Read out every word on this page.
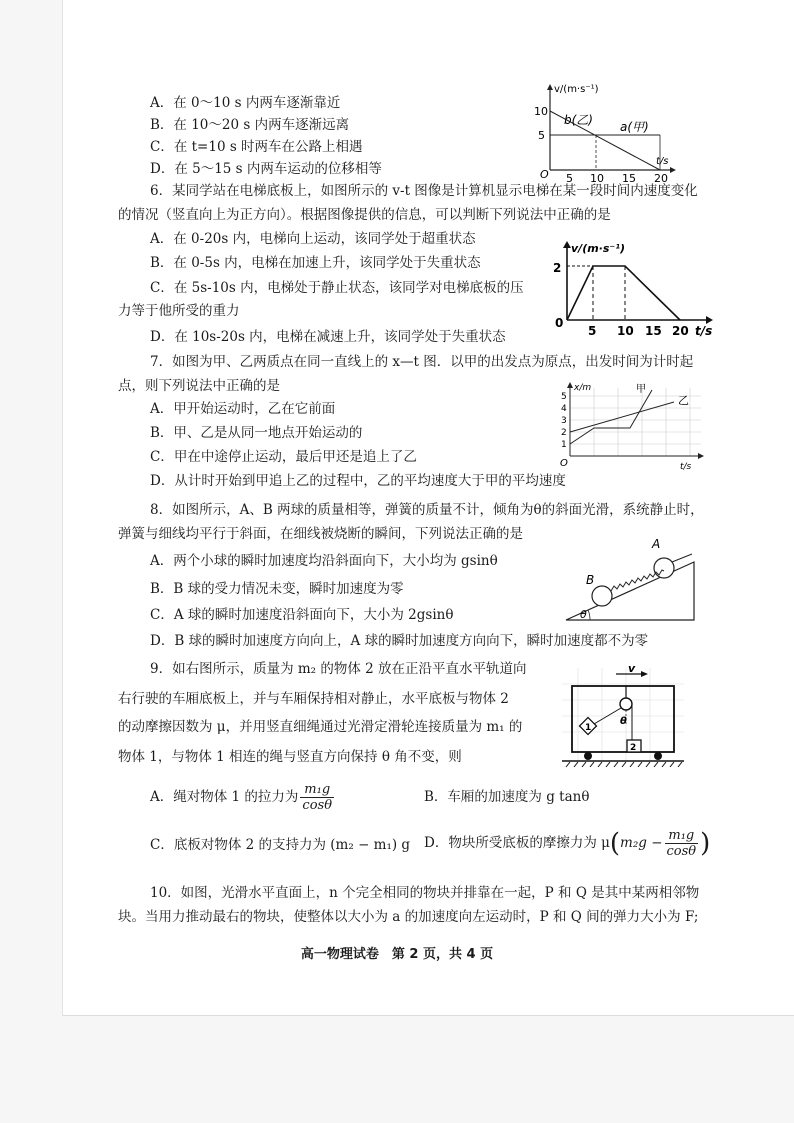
A．在 0～10 s 内两车逐渐靠近
B．在 10～20 s 内两车逐渐远离
C．在 t=10 s 时两车在公路上相遇
D．在 5～15 s 内两车运动的位移相等
v/(m·s⁻¹)
t/s
O
10
5
5 10 15 20
b(乙) a(甲)
6．某同学站在电梯底板上，如图所示的 v-t 图像是计算机显示电梯在某一段时间内速度变化
的情况（竖直向上为正方向）。根据图像提供的信息，可以判断下列说法中正确的是
A．在 0-20s 内，电梯向上运动，该同学处于超重状态
B．在 0-5s 内，电梯在加速上升，该同学处于失重状态
C．在 5s-10s 内，电梯处于静止状态，该同学对电梯底板的压
力等于他所受的重力
D．在 10s-20s 内，电梯在减速上升，该同学处于失重状态
v/(m·s⁻¹)
2
0
5 10 15 20 t/s
7．如图为甲、乙两质点在同一直线上的 x—t 图．以甲的出发点为原点，出发时间为计时起
点，则下列说法中正确的是
A．甲开始运动时，乙在它前面
B．甲、乙是从同一地点开始运动的
C．甲在中途停止运动，最后甲还是追上了乙
D．从计时开始到甲追上乙的过程中，乙的平均速度大于甲的平均速度
x/m
5
4
3
2
1
O	t/s
甲
乙
8．如图所示，A、B 两球的质量相等，弹簧的质量不计，倾角为θ的斜面光滑，系统静止时，
弹簧与细线均平行于斜面，在细线被烧断的瞬间，下列说法正确的是
A．两个小球的瞬时加速度均沿斜面向下，大小均为 gsinθ
B．B 球的受力情况未变，瞬时加速度为零
C．A 球的瞬时加速度沿斜面向下，大小为 2gsinθ
D．B 球的瞬时加速度方向向上，A 球的瞬时加速度方向向下，瞬时加速度都不为零
θ
B
A
9．如右图所示，质量为 m₂ 的物体 2 放在正沿平直水平轨道向
右行驶的车厢底板上，并与车厢保持相对静止，水平底板与物体 2
的动摩擦因数为 μ，并用竖直细绳通过光滑定滑轮连接质量为 m₁ 的
物体 1，与物体 1 相连的绳与竖直方向保持 θ 角不变，则
A．绳对物体 1 的拉力为 $\frac{\text{m₁g}}{\cos\theta}$	B．车厢的加速度为 g tanθ
C．底板对物体 2 的支持力为 (m₂ − m₁) g D．物块所受底板的摩擦力为 $\mu(m_2g - \frac{\text{m₁g}}{\cos\theta}$ )
v
θ
1
2
10．如图，光滑水平直面上，n 个完全相同的物块并排靠在一起，P 和 Q 是其中某两相邻物
块。当用力推动最右的物块，使整体以大小为 a 的加速度向左运动时，P 和 Q 间的弹力大小为 F;
高一物理试卷　第 2 页，共 4 页
